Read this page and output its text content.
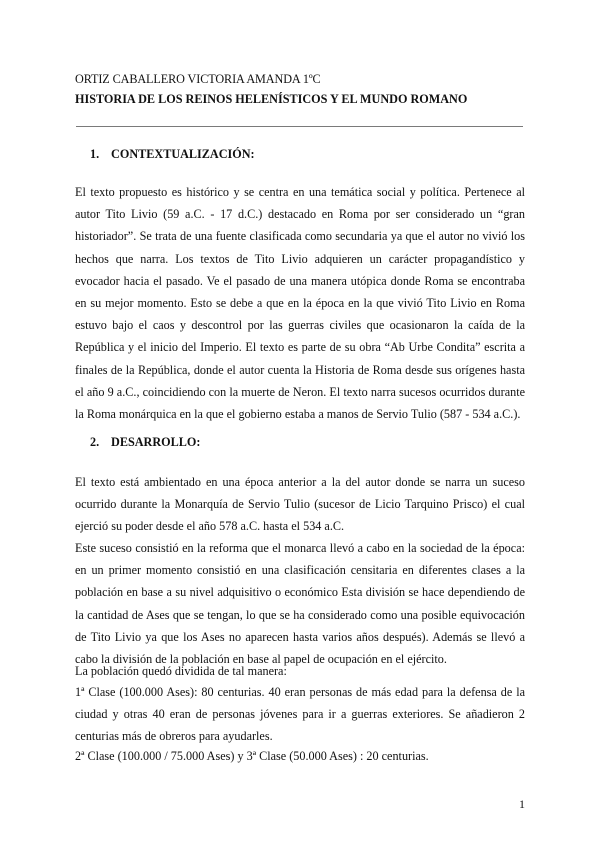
ORTIZ CABALLERO VICTORIA AMANDA 1ºC
HISTORIA DE LOS REINOS HELENÍSTICOS Y EL MUNDO ROMANO
1. CONTEXTUALIZACIÓN:

El texto propuesto es histórico y se centra en una temática social y política. Pertenece al autor Tito Livio (59 a.C. - 17 d.C.) destacado en Roma por ser considerado un “gran historiador”. Se trata de una fuente clasificada como secundaria ya que el autor no vivió los hechos que narra. Los textos de Tito Livio adquieren un carácter propagandístico y evocador hacia el pasado. Ve el pasado de una manera utópica donde Roma se encontraba en su mejor momento. Esto se debe a que en la época en la que vivió Tito Livio en Roma estuvo bajo el caos y descontrol por las guerras civiles que ocasionaron la caída de la República y el inicio del Imperio. El texto es parte de su obra “Ab Urbe Condita” escrita a finales de la República, donde el autor cuenta la Historia de Roma desde sus orígenes hasta el año 9 a.C., coincidiendo con la muerte de Neron. El texto narra sucesos ocurridos durante la Roma monárquica en la que el gobierno estaba a manos de Servio Tulio (587 - 534 a.C.).

2. DESARROLLO:

El texto está ambientado en una época anterior a la del autor donde se narra un suceso ocurrido durante la Monarquía de Servio Tulio (sucesor de Licio Tarquino Prisco) el cual ejerció su poder desde el año 578 a.C. hasta el 534 a.C.

Este suceso consistió en la reforma que el monarca llevó a cabo en la sociedad de la época: en un primer momento consistió en una clasificación censitaria en diferentes clases a la población en base a su nivel adquisitivo o económico Esta división se hace dependiendo de la cantidad de Ases que se tengan, lo que se ha considerado como una posible equivocación de Tito Livio ya que los Ases no aparecen hasta varios años después). Además se llevó a cabo la división de la población en base al papel de ocupación en el ejército.

La población quedó dividida de tal manera:

1ª Clase (100.000 Ases): 80 centurias. 40 eran personas de más edad para la defensa de la ciudad y otras 40 eran de personas jóvenes para ir a guerras exteriores. Se añadieron 2 centurias más de obreros para ayudarles.

2ª Clase (100.000 / 75.000 Ases) y 3ª Clase (50.000 Ases) : 20 centurias.

1
